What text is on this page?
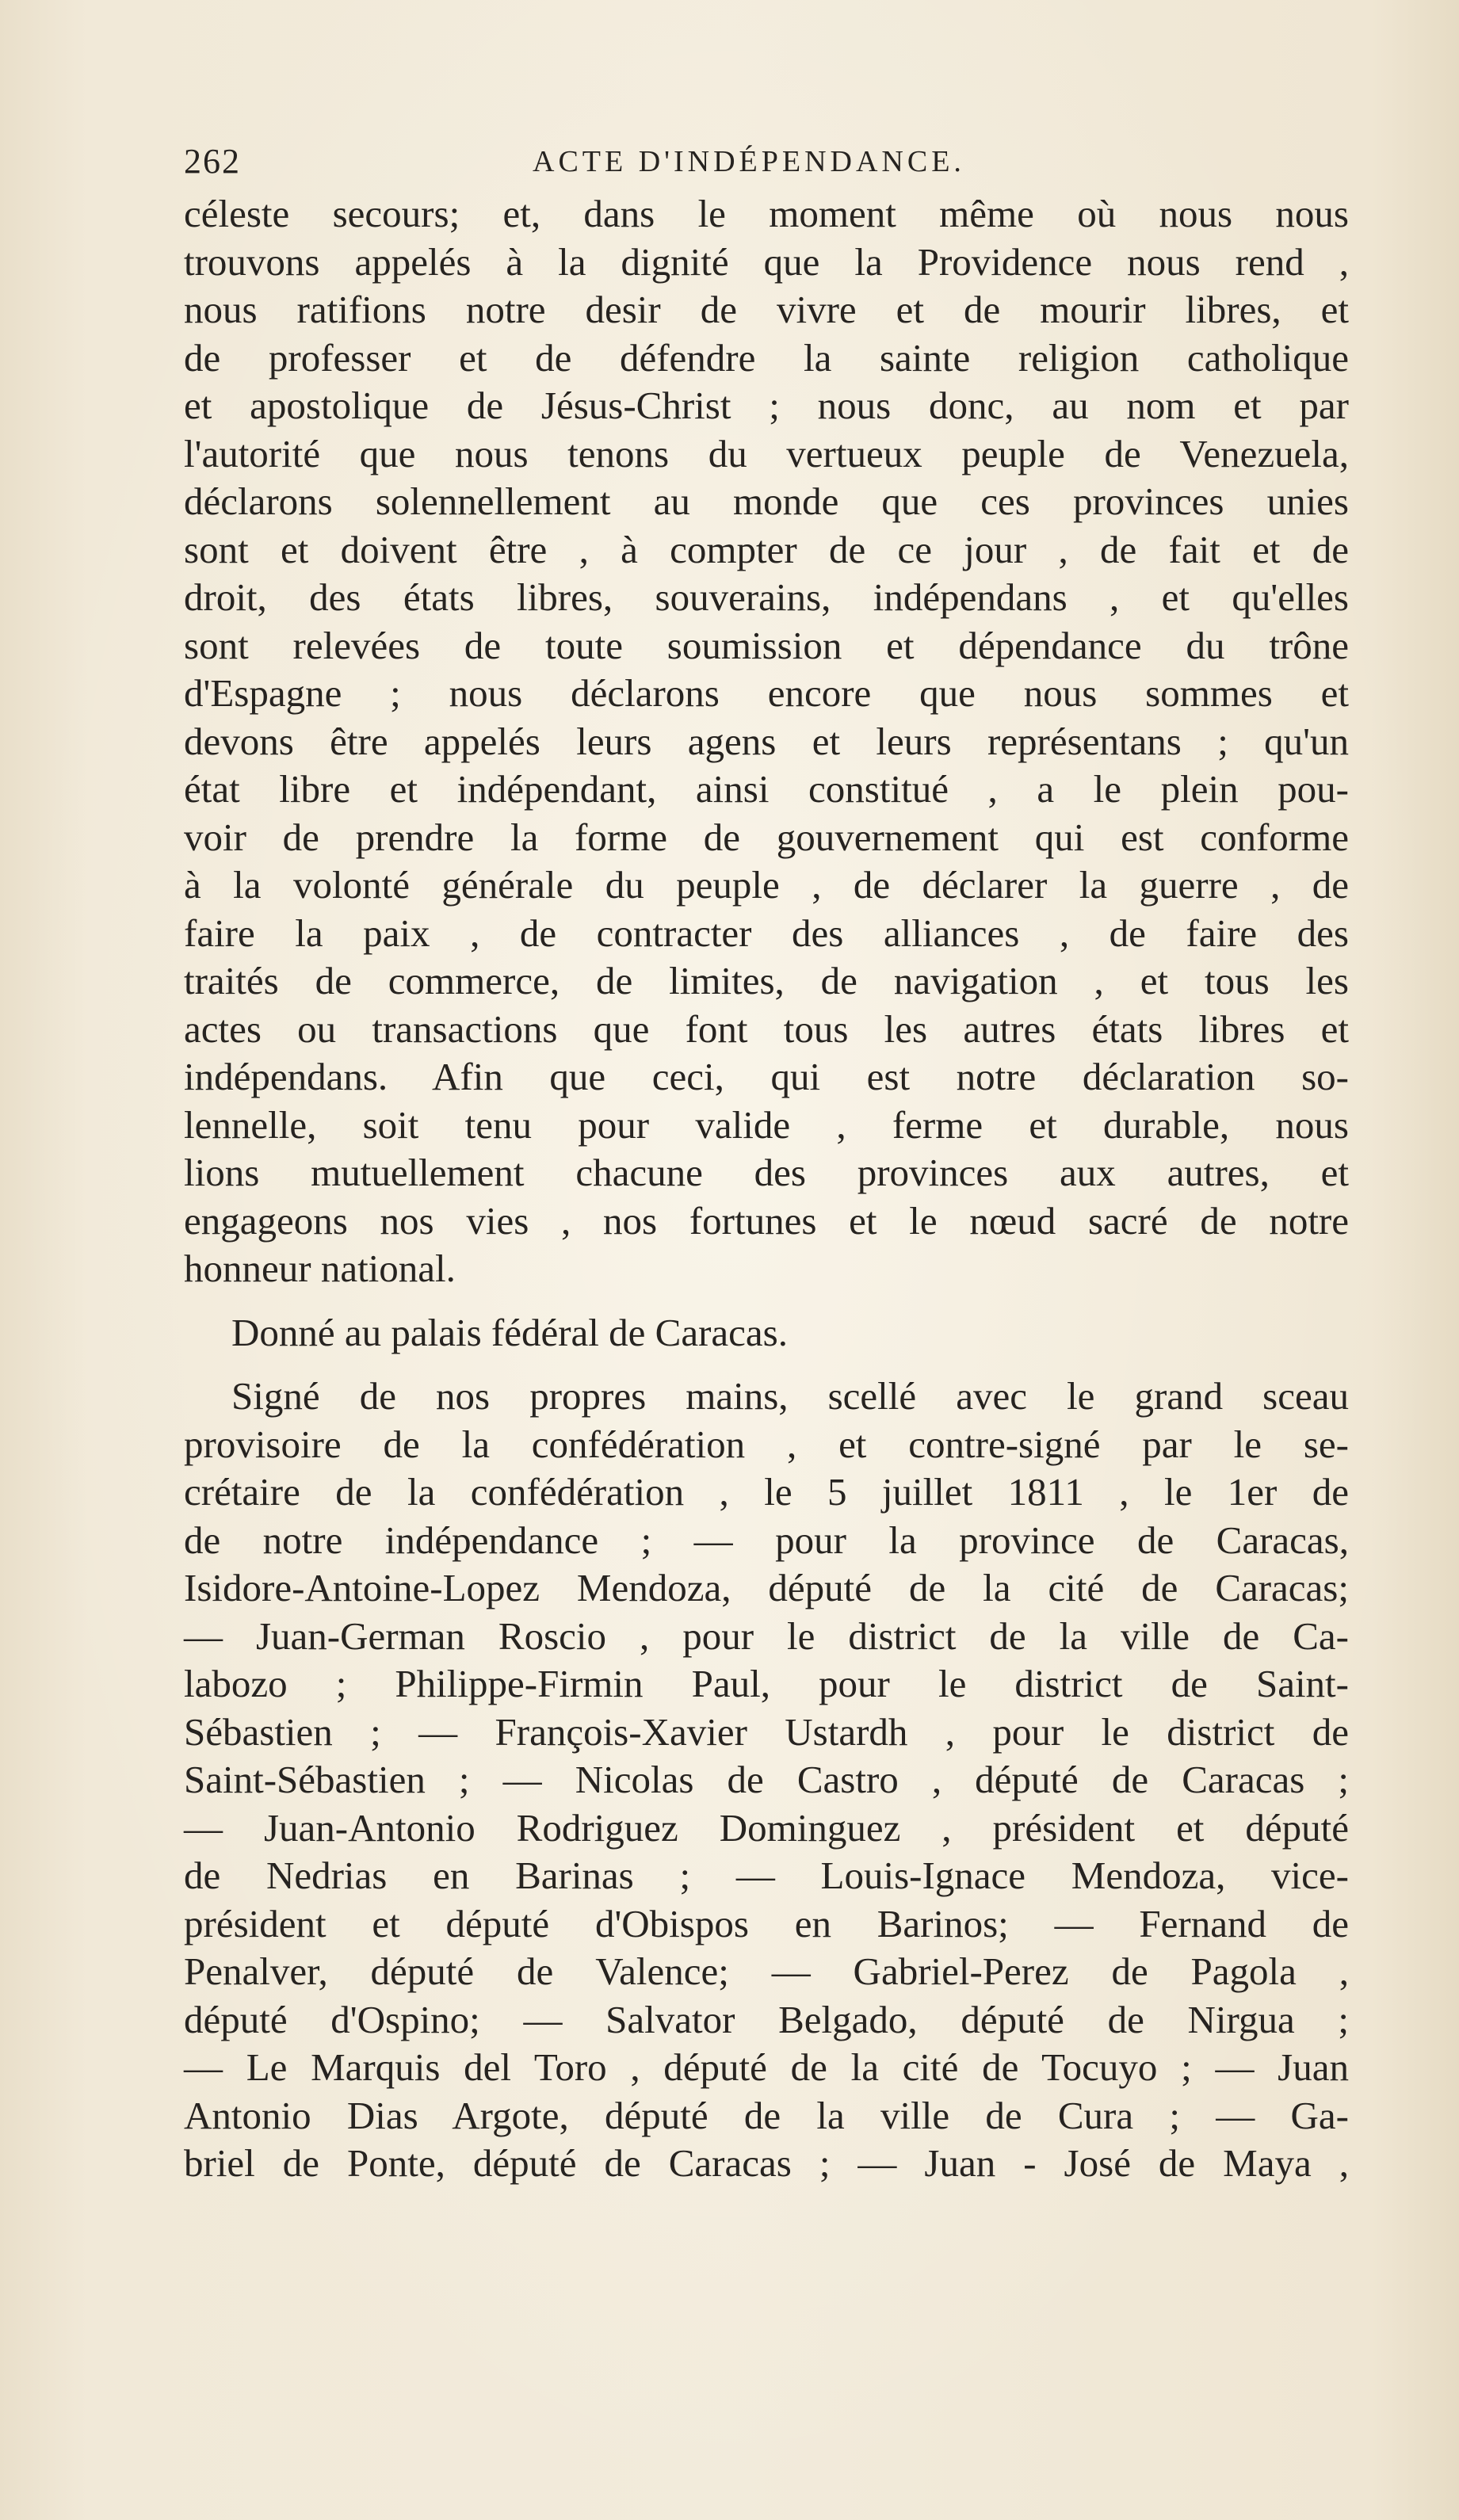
262	ACTE D'INDÉPENDANCE.
céleste secours; et, dans le moment même où nous nous
trouvons appelés à la dignité que la Providence nous rend ,
nous ratifions notre desir de vivre et de mourir libres, et
de professer et de défendre la sainte religion catholique
et apostolique de Jésus-Christ ; nous donc, au nom et par
l'autorité que nous tenons du vertueux peuple de Venezuela,
déclarons solennellement au monde que ces provinces unies
sont et doivent être , à compter de ce jour , de fait et de
droit, des états libres, souverains, indépendans , et qu'elles
sont relevées de toute soumission et dépendance du trône
d'Espagne ; nous déclarons encore que nous sommes et
devons être appelés leurs agens et leurs représentans ; qu'un
état libre et indépendant, ainsi constitué , a le plein pou-
voir de prendre la forme de gouvernement qui est conforme
à la volonté générale du peuple , de déclarer la guerre , de
faire la paix , de contracter des alliances , de faire des
traités de commerce, de limites, de navigation , et tous les
actes ou transactions que font tous les autres états libres et
indépendans. Afin que ceci, qui est notre déclaration so-
lennelle, soit tenu pour valide , ferme et durable, nous
lions mutuellement chacune des provinces aux autres, et
engageons nos vies , nos fortunes et le nœud sacré de notre
honneur national.
Donné au palais fédéral de Caracas.
Signé de nos propres mains, scellé avec le grand sceau
provisoire de la confédération , et contre-signé par le se-
crétaire de la confédération , le 5 juillet 1811 , le 1er de
de notre indépendance ; — pour la province de Caracas,
Isidore-Antoine-Lopez Mendoza, député de la cité de Caracas;
— Juan-German Roscio , pour le district de la ville de Ca-
labozo ; Philippe-Firmin Paul, pour le district de Saint-
Sébastien ; — François-Xavier Ustardh , pour le district de
Saint-Sébastien ; — Nicolas de Castro , député de Caracas ;
— Juan-Antonio Rodriguez Dominguez , président et député
de Nedrias en Barinas ; — Louis-Ignace Mendoza, vice-
président et député d'Obispos en Barinos; — Fernand de
Penalver, député de Valence; — Gabriel-Perez de Pagola ,
député d'Ospino; — Salvator Belgado, député de Nirgua ;
— Le Marquis del Toro , député de la cité de Tocuyo ; — Juan
Antonio Dias Argote, député de la ville de Cura ; — Ga-
briel de Ponte, député de Caracas ; — Juan - José de Maya ,
